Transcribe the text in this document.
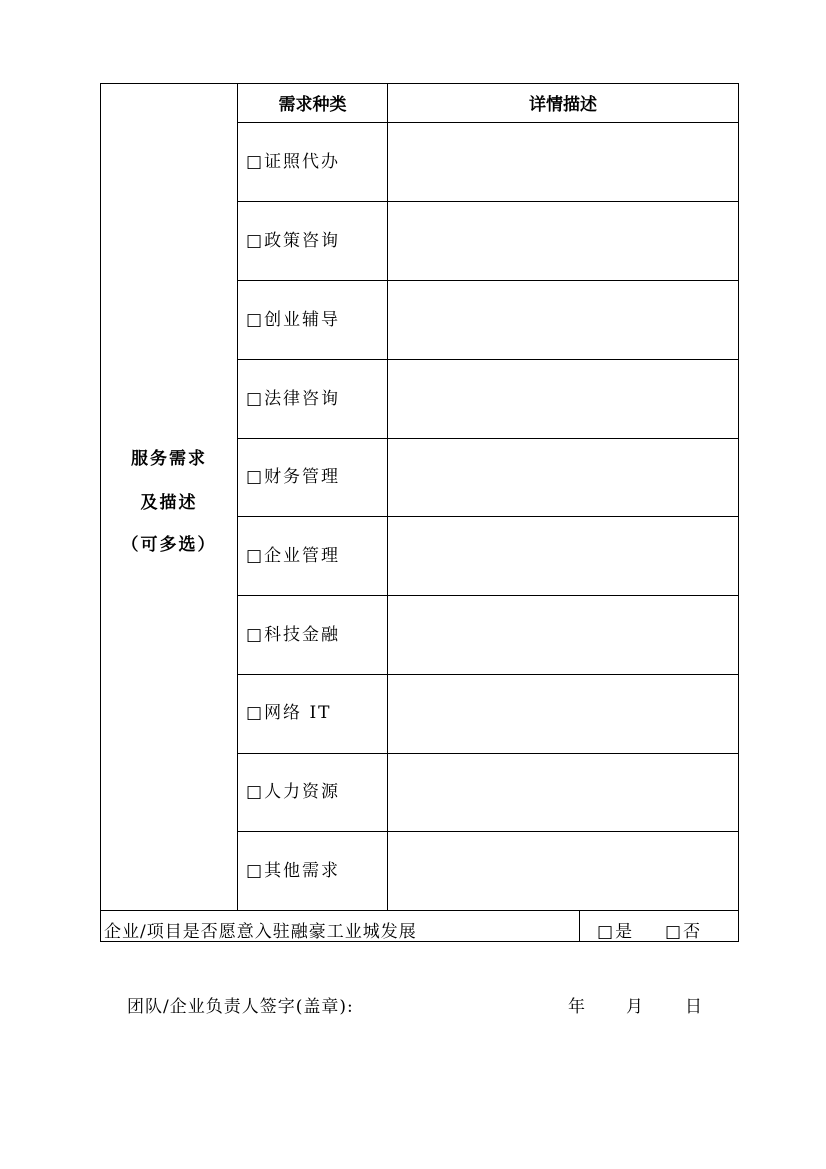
服务需求
及描述
（可多选）
需求种类	详情描述
□证照代办
□政策咨询
□创业辅导
□法律咨询
□财务管理
□企业管理
□科技金融
□网络 IT
□人力资源
□其他需求
企业/项目是否愿意入驻融豪工业城发展	□是 □否
团队/企业负责人签字(盖章):	年 月 日
